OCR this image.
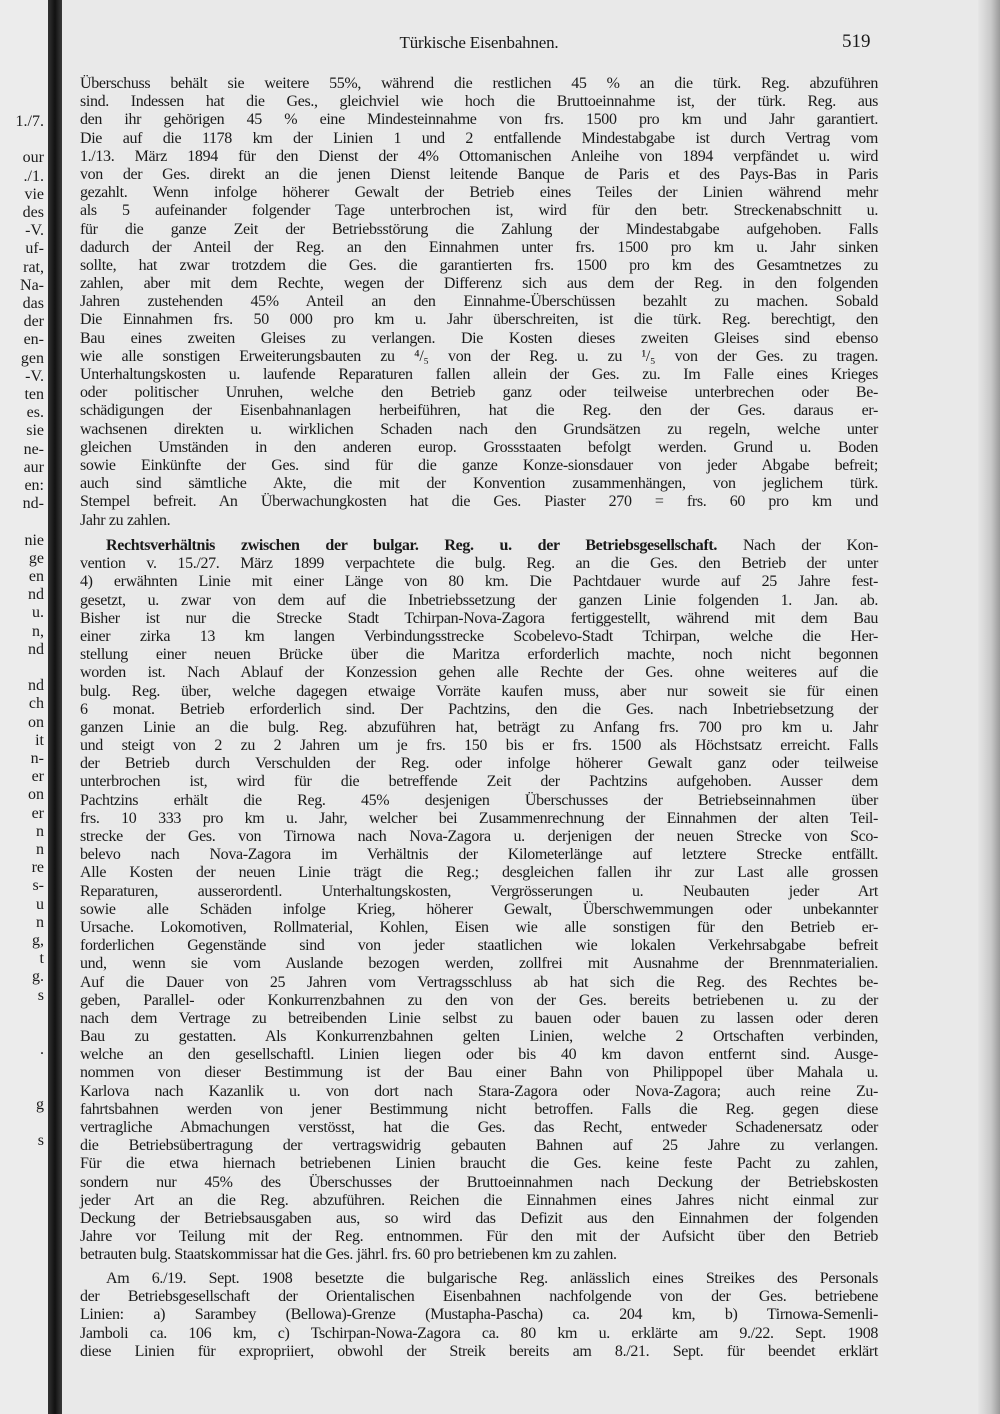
1./7.
our
./1.
vie
des
-V.
uf-
rat,
Na-
das
der
en-
gen
-V.
ten
es.
sie
ne-
aur
en:
nd-
nie
ge
en
nd
u.
n,
nd
nd
ch
on
it
n-
er
on
er
n
n
re
s-
u
n
g,
t
g.
s
.
g
s
Türkische Eisenbahnen.	519
Überschuss behält sie weitere 55%, während die restlichen 45 % an die türk. Reg. abzuführen
sind. Indessen hat die Ges., gleichviel wie hoch die Bruttoeinnahme ist, der türk. Reg. aus
den ihr gehörigen 45 % eine Mindesteinnahme von frs. 1500 pro km und Jahr garantiert.
Die auf die 1178 km der Linien 1 und 2 entfallende Mindestabgabe ist durch Vertrag vom
1./13. März 1894 für den Dienst der 4% Ottomanischen Anleihe von 1894 verpfändet u. wird
von der Ges. direkt an die jenen Dienst leitende Banque de Paris et des Pays-Bas in Paris
gezahlt. Wenn infolge höherer Gewalt der Betrieb eines Teiles der Linien während mehr
als 5 aufeinander folgender Tage unterbrochen ist, wird für den betr. Streckenabschnitt u.
für die ganze Zeit der Betriebsstörung die Zahlung der Mindestabgabe aufgehoben. Falls
dadurch der Anteil der Reg. an den Einnahmen unter frs. 1500 pro km u. Jahr sinken
sollte, hat zwar trotzdem die Ges. die garantierten frs. 1500 pro km des Gesamtnetzes zu
zahlen, aber mit dem Rechte, wegen der Differenz sich aus dem der Reg. in den folgenden
Jahren zustehenden 45% Anteil an den Einnahme-Überschüssen bezahlt zu machen. Sobald
Die Einnahmen frs. 50 000 pro km u. Jahr überschreiten, ist die türk. Reg. berechtigt, den
Bau eines zweiten Gleises zu verlangen. Die Kosten dieses zweiten Gleises sind ebenso
wie alle sonstigen Erweiterungsbauten zu ⁴/₅ von der Reg. u. zu ¹/₅ von der Ges. zu tragen.
Unterhaltungskosten u. laufende Reparaturen fallen allein der Ges. zu. Im Falle eines Krieges
oder politischer Unruhen, welche den Betrieb ganz oder teilweise unterbrechen oder Be-
schädigungen der Eisenbahnanlagen herbeiführen, hat die Reg. den der Ges. daraus er-
wachsenen direkten u. wirklichen Schaden nach den Grundsätzen zu regeln, welche unter
gleichen Umständen in den anderen europ. Grossstaaten befolgt werden. Grund u. Boden
sowie Einkünfte der Ges. sind für die ganze Konze-sionsdauer von jeder Abgabe befreit;
auch sind sämtliche Akte, die mit der Konvention zusammenhängen, von jeglichem türk.
Stempel befreit. An Überwachungkosten hat die Ges. Piaster 270 = frs. 60 pro km und
Jahr zu zahlen.
Rechtsverhältnis zwischen der bulgar. Reg. u. der Betriebsgesellschaft. Nach der Kon-
vention v. 15./27. März 1899 verpachtete die bulg. Reg. an die Ges. den Betrieb der unter
4) erwähnten Linie mit einer Länge von 80 km. Die Pachtdauer wurde auf 25 Jahre fest-
gesetzt, u. zwar von dem auf die Inbetriebssetzung der ganzen Linie folgenden 1. Jan. ab.
Bisher ist nur die Strecke Stadt Tchirpan-Nova-Zagora fertiggestellt, während mit dem Bau
einer zirka 13 km langen Verbindungsstrecke Scobelevo-Stadt Tchirpan, welche die Her-
stellung einer neuen Brücke über die Maritza erforderlich machte, noch nicht begonnen
worden ist. Nach Ablauf der Konzession gehen alle Rechte der Ges. ohne weiteres auf die
bulg. Reg. über, welche dagegen etwaige Vorräte kaufen muss, aber nur soweit sie für einen
6 monat. Betrieb erforderlich sind. Der Pachtzins, den die Ges. nach Inbetriebsetzung der
ganzen Linie an die bulg. Reg. abzuführen hat, beträgt zu Anfang frs. 700 pro km u. Jahr
und steigt von 2 zu 2 Jahren um je frs. 150 bis er frs. 1500 als Höchstsatz erreicht. Falls
der Betrieb durch Verschulden der Reg. oder infolge höherer Gewalt ganz oder teilweise
unterbrochen ist, wird für die betreffende Zeit der Pachtzins aufgehoben. Ausser dem
Pachtzins erhält die Reg. 45% desjenigen Überschusses der Betriebseinnahmen über
frs. 10 333 pro km u. Jahr, welcher bei Zusammenrechnung der Einnahmen der alten Teil-
strecke der Ges. von Tirnowa nach Nova-Zagora u. derjenigen der neuen Strecke von Sco-
belevo nach Nova-Zagora im Verhältnis der Kilometerlänge auf letztere Strecke entfällt.
Alle Kosten der neuen Linie trägt die Reg.; desgleichen fallen ihr zur Last alle grossen
Reparaturen, ausserordentl. Unterhaltungskosten, Vergrösserungen u. Neubauten jeder Art
sowie alle Schäden infolge Krieg, höherer Gewalt, Überschwemmungen oder unbekannter
Ursache. Lokomotiven, Rollmaterial, Kohlen, Eisen wie alle sonstigen für den Betrieb er-
forderlichen Gegenstände sind von jeder staatlichen wie lokalen Verkehrsabgabe befreit
und, wenn sie vom Auslande bezogen werden, zollfrei mit Ausnahme der Brennmaterialien.
Auf die Dauer von 25 Jahren vom Vertragsschluss ab hat sich die Reg. des Rechtes be-
geben, Parallel- oder Konkurrenzbahnen zu den von der Ges. bereits betriebenen u. zu der
nach dem Vertrage zu betreibenden Linie selbst zu bauen oder bauen zu lassen oder deren
Bau zu gestatten. Als Konkurrenzbahnen gelten Linien, welche 2 Ortschaften verbinden,
welche an den gesellschaftl. Linien liegen oder bis 40 km davon entfernt sind. Ausge-
nommen von dieser Bestimmung ist der Bau einer Bahn von Philippopel über Mahala u.
Karlova nach Kazanlik u. von dort nach Stara-Zagora oder Nova-Zagora; auch reine Zu-
fahrtsbahnen werden von jener Bestimmung nicht betroffen. Falls die Reg. gegen diese
vertragliche Abmachungen verstösst, hat die Ges. das Recht, entweder Schadenersatz oder
die Betriebsübertragung der vertragswidrig gebauten Bahnen auf 25 Jahre zu verlangen.
Für die etwa hiernach betriebenen Linien braucht die Ges. keine feste Pacht zu zahlen,
sondern nur 45% des Überschusses der Bruttoeinnahmen nach Deckung der Betriebskosten
jeder Art an die Reg. abzuführen. Reichen die Einnahmen eines Jahres nicht einmal zur
Deckung der Betriebsausgaben aus, so wird das Defizit aus den Einnahmen der folgenden
Jahre vor Teilung mit der Reg. entnommen. Für den mit der Aufsicht über den Betrieb
betrauten bulg. Staatskommissar hat die Ges. jährl. frs. 60 pro betriebenen km zu zahlen.
Am 6./19. Sept. 1908 besetzte die bulgarische Reg. anlässlich eines Streikes des Personals
der Betriebsgesellschaft der Orientalischen Eisenbahnen nachfolgende von der Ges. betriebene
Linien: a) Sarambey (Bellowa)-Grenze (Mustapha-Pascha) ca. 204 km, b) Tirnowa-Semenli-
Jamboli ca. 106 km, c) Tschirpan-Nowa-Zagora ca. 80 km u. erklärte am 9./22. Sept. 1908
diese Linien für expropriiert, obwohl der Streik bereits am 8./21. Sept. für beendet erklärt
